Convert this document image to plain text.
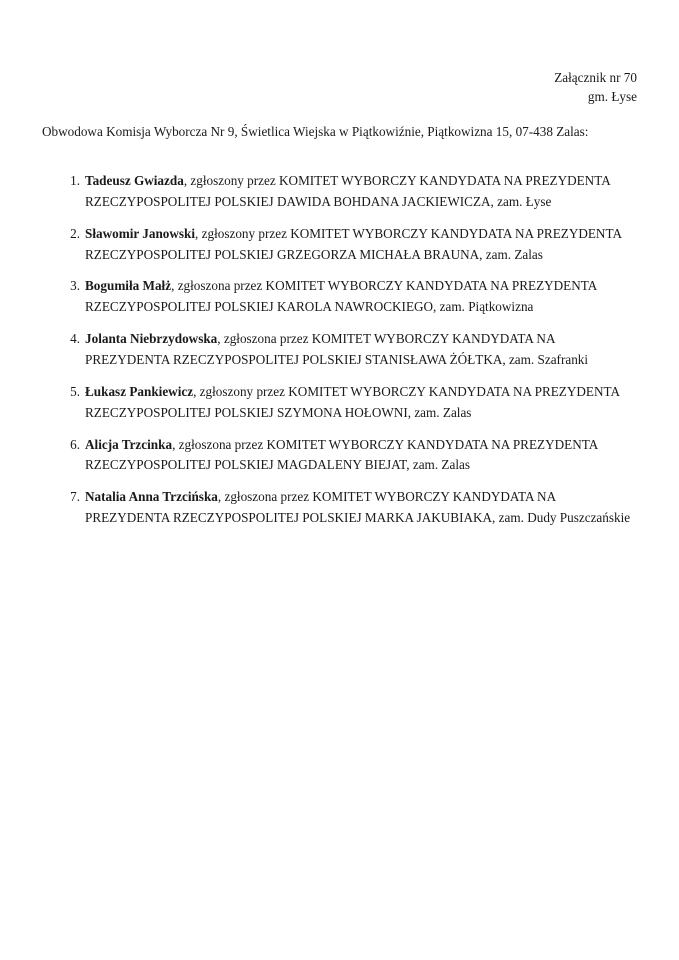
Załącznik nr 70
gm. Łyse
Obwodowa Komisja Wyborcza Nr 9, Świetlica Wiejska w Piątkowiźnie, Piątkowizna 15, 07-438 Zalas:
1. Tadeusz Gwiazda, zgłoszony przez KOMITET WYBORCZY KANDYDATA NA PREZYDENTA RZECZYPOSPOLITEJ POLSKIEJ DAWIDA BOHDANA JACKIEWICZA, zam. Łyse
2. Sławomir Janowski, zgłoszony przez KOMITET WYBORCZY KANDYDATA NA PREZYDENTA RZECZYPOSPOLITEJ POLSKIEJ GRZEGORZA MICHAŁA BRAUNA, zam. Zalas
3. Bogumiła Małż, zgłoszona przez KOMITET WYBORCZY KANDYDATA NA PREZYDENTA RZECZYPOSPOLITEJ POLSKIEJ KAROLA NAWROCKIEGO, zam. Piątkowizna
4. Jolanta Niebrzydowska, zgłoszona przez KOMITET WYBORCZY KANDYDATA NA PREZYDENTA RZECZYPOSPOLITEJ POLSKIEJ STANISŁAWA ŻÓŁTKA, zam. Szafranki
5. Łukasz Pankiewicz, zgłoszony przez KOMITET WYBORCZY KANDYDATA NA PREZYDENTA RZECZYPOSPOLITEJ POLSKIEJ SZYMONA HOŁOWNI, zam. Zalas
6. Alicja Trzcinka, zgłoszona przez KOMITET WYBORCZY KANDYDATA NA PREZYDENTA RZECZYPOSPOLITEJ POLSKIEJ MAGDALENY BIEJAT, zam. Zalas
7. Natalia Anna Trzcińska, zgłoszona przez KOMITET WYBORCZY KANDYDATA NA PREZYDENTA RZECZYPOSPOLITEJ POLSKIEJ MARKA JAKUBIAKA, zam. Dudy Puszczańskie
